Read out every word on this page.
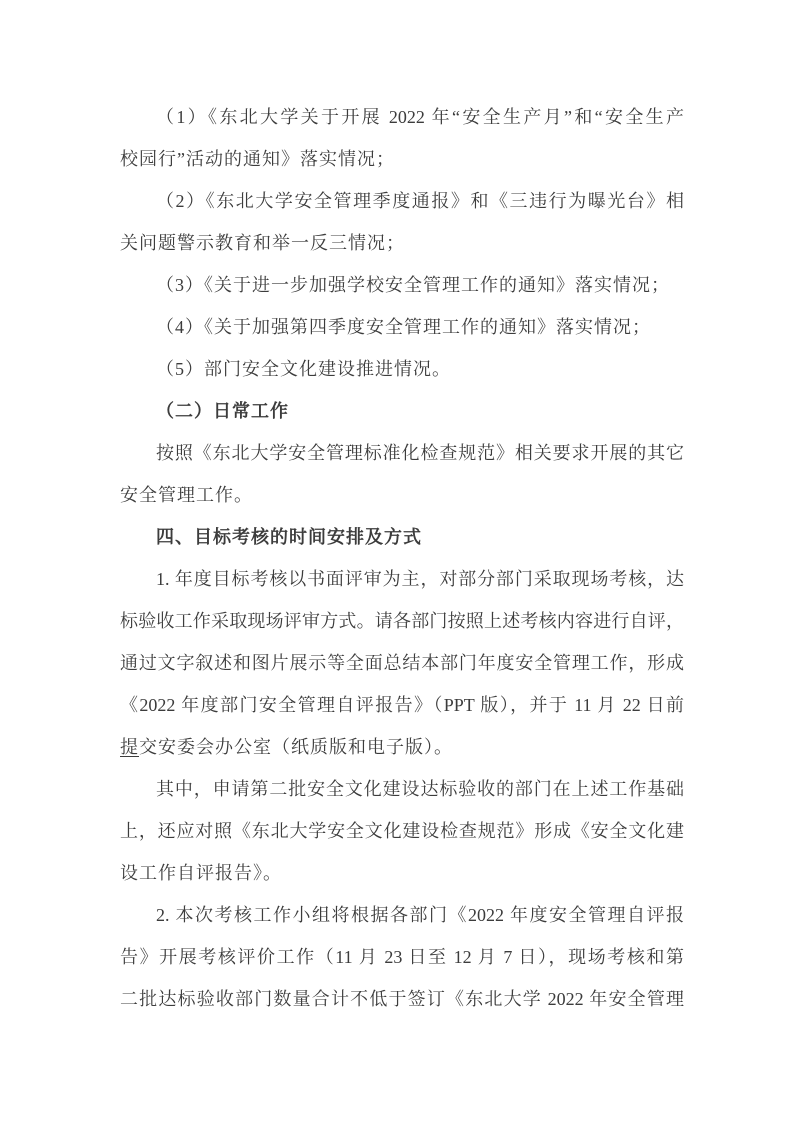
（1）《东北大学关于开展 2022 年“安全生产月”和“安全生产
校园行”活动的通知》落实情况；
（2）《东北大学安全管理季度通报》和《三违行为曝光台》相
关问题警示教育和举一反三情况；
（3）《关于进一步加强学校安全管理工作的通知》落实情况；
（4）《关于加强第四季度安全管理工作的通知》落实情况；
（5）部门安全文化建设推进情况。
（二）日常工作
按照《东北大学安全管理标准化检查规范》相关要求开展的其它
安全管理工作。
四、目标考核的时间安排及方式
1. 年度目标考核以书面评审为主，对部分部门采取现场考核，达
标验收工作采取现场评审方式。请各部门按照上述考核内容进行自评，
通过文字叙述和图片展示等全面总结本部门年度安全管理工作，形成
《2022 年度部门安全管理自评报告》（PPT 版），并于 11 月 22 日前
提交安委会办公室（纸质版和电子版）。
其中，申请第二批安全文化建设达标验收的部门在上述工作基础
上，还应对照《东北大学安全文化建设检查规范》形成《安全文化建
设工作自评报告》。
2. 本次考核工作小组将根据各部门《2022 年度安全管理自评报
告》开展考核评价工作（11 月 23 日至 12 月 7 日），现场考核和第
二批达标验收部门数量合计不低于签订《东北大学 2022 年安全管理
